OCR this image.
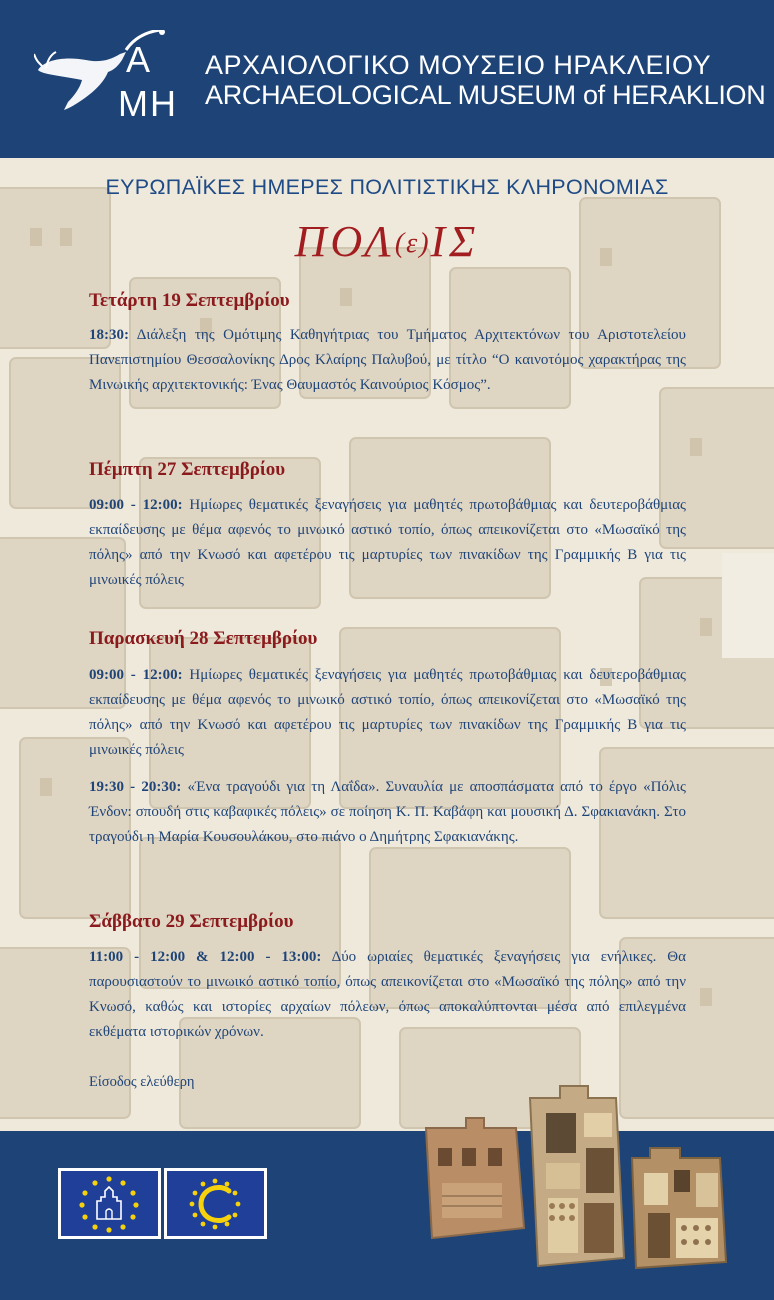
Α
ΜΗ
ΑΡΧΑΙΟΛΟΓΙΚΟ ΜΟΥΣΕΙΟ ΗΡΑΚΛΕΙΟΥ
ARCHAEOLOGICAL MUSEUM of HERAKLION
ΕΥΡΩΠΑΪΚΕΣ ΗΜΕΡΕΣ ΠΟΛΙΤΙΣΤΙΚΗΣ ΚΛΗΡΟΝΟΜΙΑΣ
ΠΟΛ(ε)ΙΣ
Τετάρτη 19 Σεπτεμβρίου
18:30: Διάλεξη της Ομότιμης Καθηγήτριας του Τμήματος Αρχιτεκτόνων του Αριστοτελείου Πανεπιστημίου Θεσσαλονίκης Δρος Κλαίρης Παλυβού, με τίτλο “Ο καινοτόμος χαρακτήρας της Μινωικής αρχιτεκτονικής: Ένας Θαυμαστός Καινούριος Κόσμος”.
Πέμπτη 27 Σεπτεμβρίου
09:00 - 12:00: Ημίωρες θεματικές ξεναγήσεις για μαθητές πρωτοβάθμιας και δευτεροβάθμιας εκπαίδευσης με θέμα αφενός το μινωικό αστικό τοπίο, όπως απεικονίζεται στο «Μωσαϊκό της πόλης» από την Κνωσό και αφετέρου τις μαρτυρίες των πινακίδων της Γραμμικής Β για τις μινωικές πόλεις
Παρασκευή 28 Σεπτεμβρίου
09:00 - 12:00: Ημίωρες θεματικές ξεναγήσεις για μαθητές πρωτοβάθμιας και δευτεροβάθμιας εκπαίδευσης με θέμα αφενός το μινωικό αστικό τοπίο, όπως απεικονίζεται στο «Μωσαϊκό της πόλης» από την Κνωσό και αφετέρου τις μαρτυρίες των πινακίδων της Γραμμικής Β για τις μινωικές πόλεις
19:30 - 20:30: «Ένα τραγούδι για τη Λαΐδα». Συναυλία με αποσπάσματα από το έργο «Πόλις Ένδον: σπουδή στις καβαφικές πόλεις» σε ποίηση Κ. Π. Καβάφη και μουσική Δ. Σφακιανάκη. Στο τραγούδι η Μαρία Κουσουλάκου, στο πιάνο ο Δημήτρης Σφακιανάκης.
Σάββατο 29 Σεπτεμβρίου
11:00 - 12:00 & 12:00 - 13:00: Δύο ωριαίες θεματικές ξεναγήσεις για ενήλικες. Θα παρουσιαστούν το μινωικό αστικό τοπίο, όπως απεικονίζεται στο «Μωσαϊκό της πόλης» από την Κνωσό, καθώς και ιστορίες αρχαίων πόλεων, όπως αποκαλύπτονται μέσα από επιλεγμένα εκθέματα ιστορικών χρόνων.
Είσοδος ελεύθερη
